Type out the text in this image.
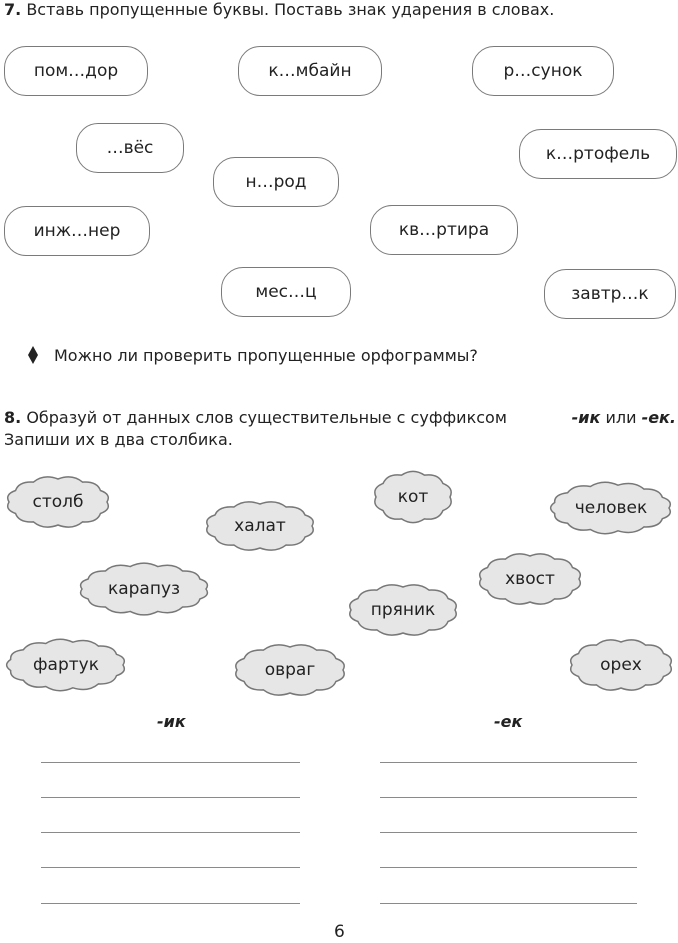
7. Вставь пропущенные буквы. Поставь знак ударения в словах.
пом…дор	к…мбайн	р…сунок
…вёс	к…ртофель
н…род
инж…нер	кв…ртира
мес…ц	завтр…к
Можно ли проверить пропущенные орфограммы?
8. Образуй от данных слов существительные с суффиксом	-ик или -ек.
Запиши их в два столбика.
столб	кот
человек
халат
карапуз	хвост
пряник
фартук	овраг	орех
-ик	-ек
6
